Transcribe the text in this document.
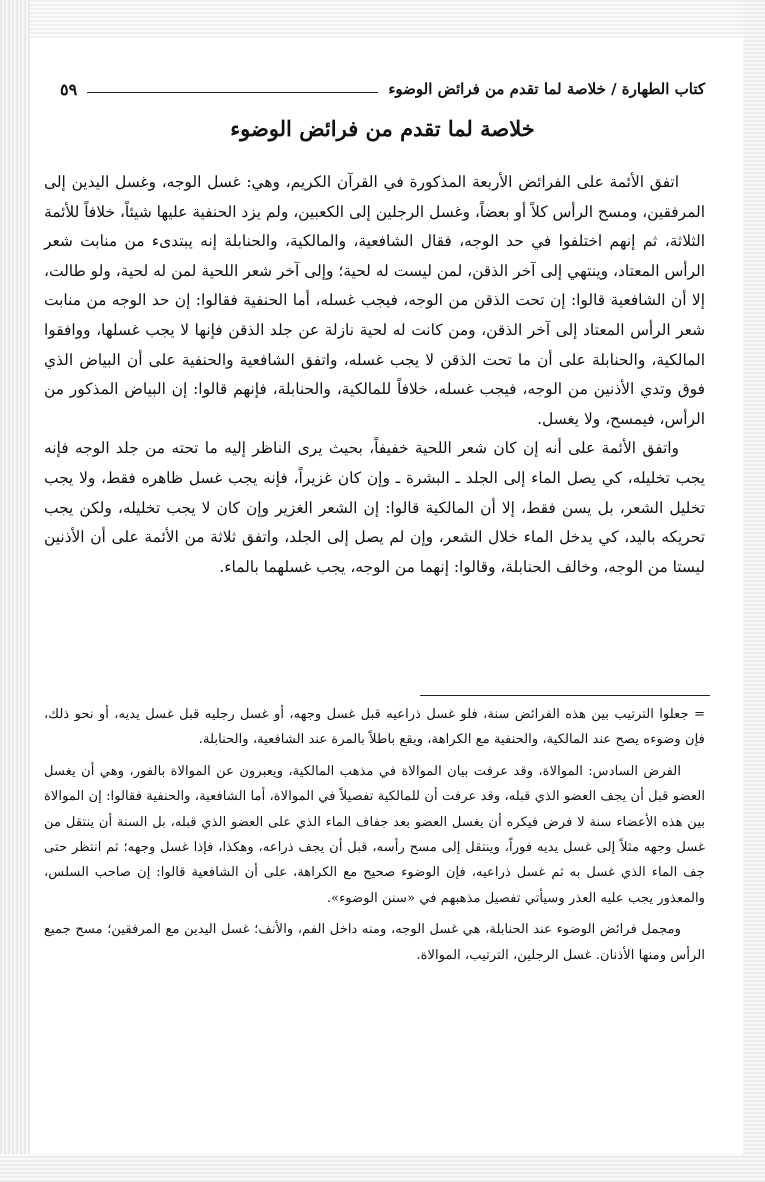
كتاب الطهارة / خلاصة لما تقدم من فرائض الوضوء
٥٩
خلاصة لما تقدم من فرائض الوضوء

اتفق الأئمة على الفرائض الأربعة المذكورة في القرآن الكريم، وهي: غسل الوجه، وغسل اليدين إلى المرفقين، ومسح الرأس كلاً أو بعضاً، وغسل الرجلين إلى الكعبين، ولم يزد الحنفية عليها شيئاً، خلافاً للأئمة الثلاثة، ثم إنهم اختلفوا في حد الوجه، فقال الشافعية، والمالكية، والحنابلة إنه يبتدىء من منابت شعر الرأس المعتاد، وينتهي إلى آخر الذقن، لمن ليست له لحية؛ وإلى آخر شعر اللحية لمن له لحية، ولو طالت، إلا أن الشافعية قالوا: إن تحت الذقن من الوجه، فيجب غسله، أما الحنفية فقالوا: إن حد الوجه من منابت شعر الرأس المعتاد إلى آخر الذقن، ومن كانت له لحية نازلة عن جلد الذقن فإنها لا يجب غسلها، ووافقوا المالكية، والحنابلة على أن ما تحت الذقن لا يجب غسله، واتفق الشافعية والحنفية على أن البياض الذي فوق وتدي الأذنين من الوجه، فيجب غسله، خلافاً للمالكية، والحنابلة، فإنهم قالوا: إن البياض المذكور من الرأس، فيمسح، ولا يغسل.

واتفق الأئمة على أنه إن كان شعر اللحية خفيفاً، بحيث يرى الناظر إليه ما تحته من جلد الوجه فإنه يجب تخليله، كي يصل الماء إلى الجلد ـ البشرة ـ وإن كان غزيراً، فإنه يجب غسل ظاهره فقط، ولا يجب تخليل الشعر، بل يسن فقط، إلا أن المالكية قالوا: إن الشعر الغزير وإن كان لا يجب تخليله، ولكن يجب تحريكه باليد، كي يدخل الماء خلال الشعر، وإن لم يصل إلى الجلد، واتفق ثلاثة من الأئمة على أن الأذنين ليستا من الوجه، وخالف الحنابلة، وقالوا: إنهما من الوجه، يجب غسلهما بالماء.

= جعلوا الترتيب بين هذه الفرائض سنة، فلو غسل ذراعيه قبل غسل وجهه، أو غسل رجليه قبل غسل يديه، أو نحو ذلك، فإن وضوءه يصح عند المالكية، والحنفية مع الكراهة، ويقع باطلاً بالمرة عند الشافعية، والحنابلة.

الفرض السادس: الموالاة، وقد عرفت بيان الموالاة في مذهب المالكية، ويعبرون عن الموالاة بالفور، وهي أن يغسل العضو قبل أن يجف العضو الذي قبله، وقد عرفت أن للمالكية تفصيلاً في الموالاة، أما الشافعية، والحنفية فقالوا: إن الموالاة بين هذه الأعضاء سنة لا فرض فيكره أن يغسل العضو بعد جفاف الماء الذي على العضو الذي قبله، بل السنة أن ينتقل من غسل وجهه مثلاً إلى غسل يديه فوراً، وينتقل إلى مسح رأسه، قبل أن يجف ذراعه، وهكذا، فإذا غسل وجهه؛ ثم انتظر حتى جف الماء الذي غسل به ثم غسل ذراعيه، فإن الوضوء صحيح مع الكراهة، على أن الشافعية قالوا: إن صاحب السلس، والمعذور يجب عليه العذر وسيأتي تفصيل مذهبهم في «سنن الوضوء».

ومجمل فرائض الوضوء عند الحنابلة، هي غسل الوجه، ومنه داخل الفم، والأنف؛ غسل اليدين مع المرفقين؛ مسح جميع الرأس ومنها الأذنان. غسل الرجلين، الترتيب، الموالاة.
